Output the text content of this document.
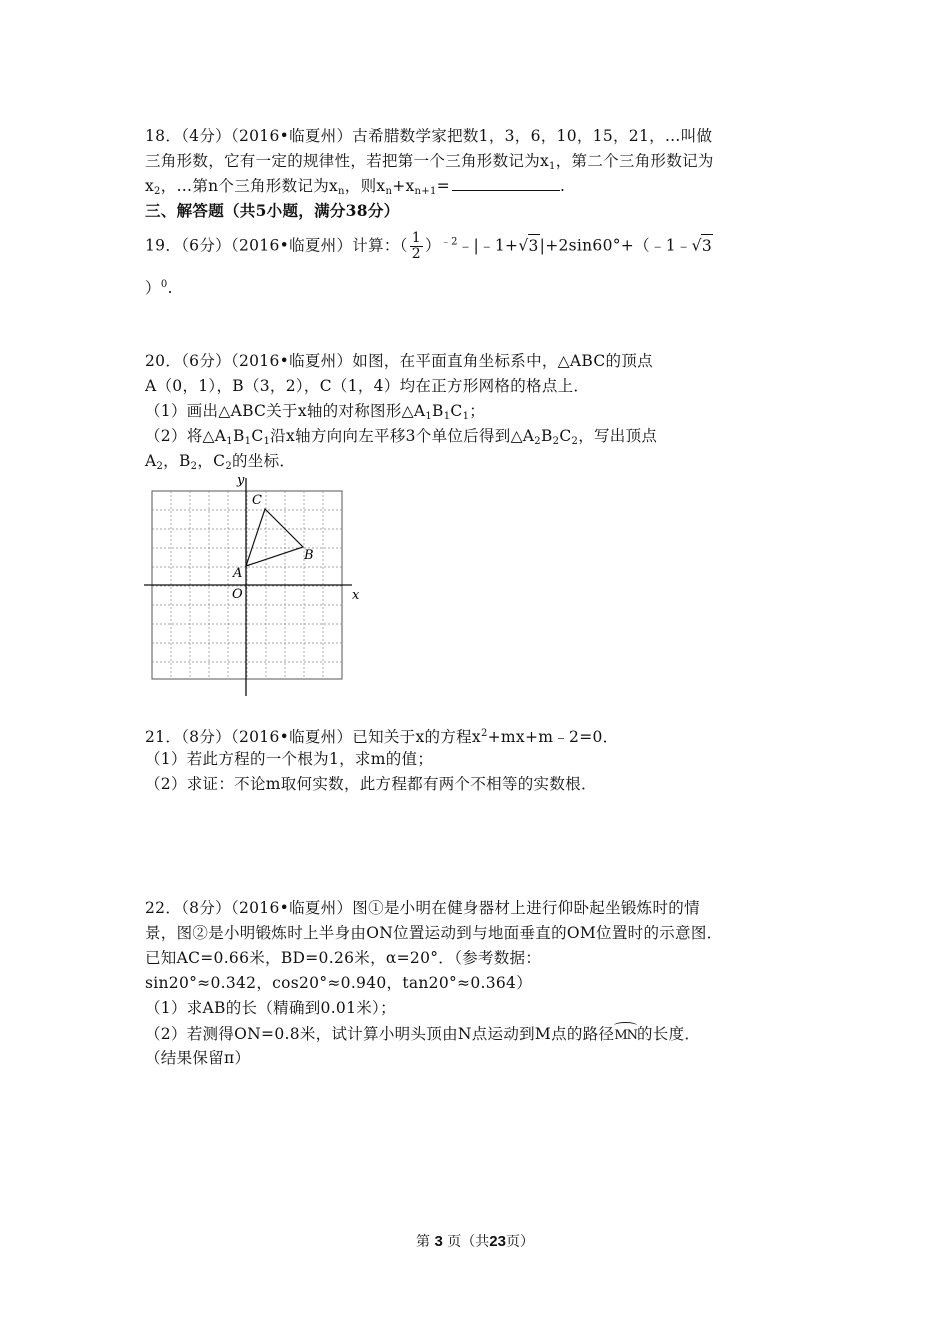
18．（4分）（2016•临夏州）古希腊数学家把数1，3，6，10，15，21，…叫做
三角形数，它有一定的规律性，若把第一个三角形数记为$x_1$，第二个三角形数记为
$x_2$，…第n个三角形数记为$x_n$，则$x_n+x_{n+1}=$	.
三、解答题（共5小题，满分38分）
19．（6分）（2016•临夏州）计算：（ $\frac{1}{2}$ ）$^{﹣2}$﹣|﹣1+√3|+2sin60°+（﹣1﹣√3
）$^0$.
20．（6分）（2016•临夏州）如图，在平面直角坐标系中，△ABC的顶点
A（0，1），B（3，2），C（1，4）均在正方形网格的格点上．
（1）画出△ABC关于x轴的对称图形$\triangle A_1B_1C_1$；
（2）将$\triangle A_1B_1C_1$沿x轴方向向左平移3个单位后得到$\triangle A_2B_2C_2$，写出顶点
$A_2$，$B_2$，$C_2$的坐标．
y
x
O
A
B
C
21．（8分）（2016•临夏州）已知关于x的方程$x^2+mx+m﹣2=0$．
（1）若此方程的一个根为1，求m的值；
（2）求证：不论m取何实数，此方程都有两个不相等的实数根．
22．（8分）（2016•临夏州）图①是小明在健身器材上进行仰卧起坐锻炼时的情
景，图②是小明锻炼时上半身由ON位置运动到与地面垂直的OM位置时的示意图．
已知AC=0.66米，BD=0.26米，α=20°．（参考数据：
sin20°≈0.342，cos20°≈0.940，tan20°≈0.364）
（1）求AB的长（精确到0.01米）；
（2）若测得ON=0.8米，试计算小明头顶由N点运动到M点的路径MN的长度．
（结果保留π）
第 3 页（共23页）
